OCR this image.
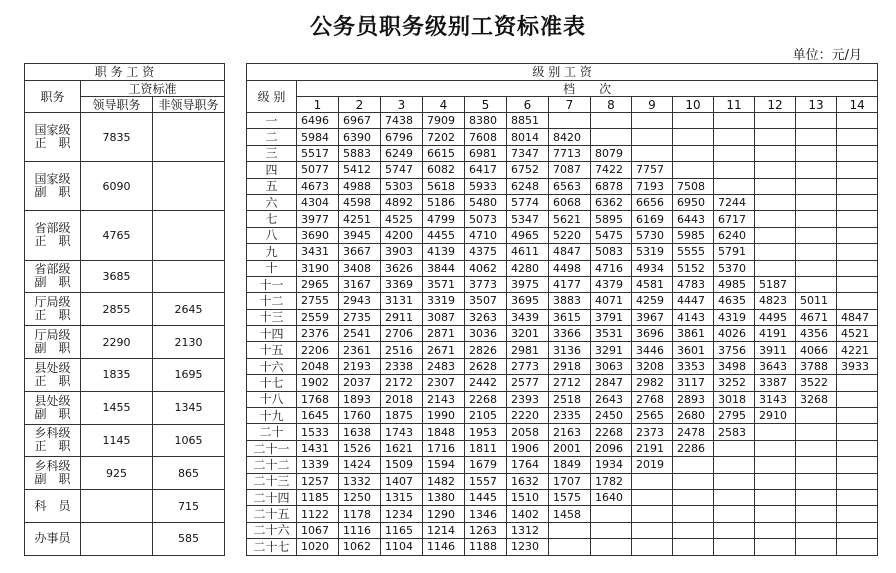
公务员职务级别工资标准表
单位：元/月
职 务 工 资		
职务	工资标准	
	领导职务	非领导职务

国家级
正　职	7835	

国家级
副　职	6090	

省部级
正　职	4765	

省部级
副　职	3685	

厅局级
正　职	2855	2645

厅局级
副　职	2290	2130

县处级
正　职	1835	1695

县处级
副　职	1455	1345

乡科级
正　职	1145	1065

乡科级
副　职	925	865

科　员		715

办事员		585
级 别 工 资														
级 别	档　　次													
	1	2	3	4	5	6	7	8	9	10	11	12	13	14
一	6496	6967	7438	7909	8380	8851								
二	5984	6390	6796	7202	7608	8014	8420							
三	5517	5883	6249	6615	6981	7347	7713	8079						
四	5077	5412	5747	6082	6417	6752	7087	7422	7757					
五	4673	4988	5303	5618	5933	6248	6563	6878	7193	7508				
六	4304	4598	4892	5186	5480	5774	6068	6362	6656	6950	7244			
七	3977	4251	4525	4799	5073	5347	5621	5895	6169	6443	6717			
八	3690	3945	4200	4455	4710	4965	5220	5475	5730	5985	6240			
九	3431	3667	3903	4139	4375	4611	4847	5083	5319	5555	5791			
十	3190	3408	3626	3844	4062	4280	4498	4716	4934	5152	5370			
十一	2965	3167	3369	3571	3773	3975	4177	4379	4581	4783	4985	5187		
十二	2755	2943	3131	3319	3507	3695	3883	4071	4259	4447	4635	4823	5011	
十三	2559	2735	2911	3087	3263	3439	3615	3791	3967	4143	4319	4495	4671	4847
十四	2376	2541	2706	2871	3036	3201	3366	3531	3696	3861	4026	4191	4356	4521
十五	2206	2361	2516	2671	2826	2981	3136	3291	3446	3601	3756	3911	4066	4221
十六	2048	2193	2338	2483	2628	2773	2918	3063	3208	3353	3498	3643	3788	3933
十七	1902	2037	2172	2307	2442	2577	2712	2847	2982	3117	3252	3387	3522	
十八	1768	1893	2018	2143	2268	2393	2518	2643	2768	2893	3018	3143	3268	
十九	1645	1760	1875	1990	2105	2220	2335	2450	2565	2680	2795	2910		
二十	1533	1638	1743	1848	1953	2058	2163	2268	2373	2478	2583			
二十一	1431	1526	1621	1716	1811	1906	2001	2096	2191	2286				
二十二	1339	1424	1509	1594	1679	1764	1849	1934	2019					
二十三	1257	1332	1407	1482	1557	1632	1707	1782						
二十四	1185	1250	1315	1380	1445	1510	1575	1640						
二十五	1122	1178	1234	1290	1346	1402	1458							
二十六	1067	1116	1165	1214	1263	1312								
二十七	1020	1062	1104	1146	1188	1230								
